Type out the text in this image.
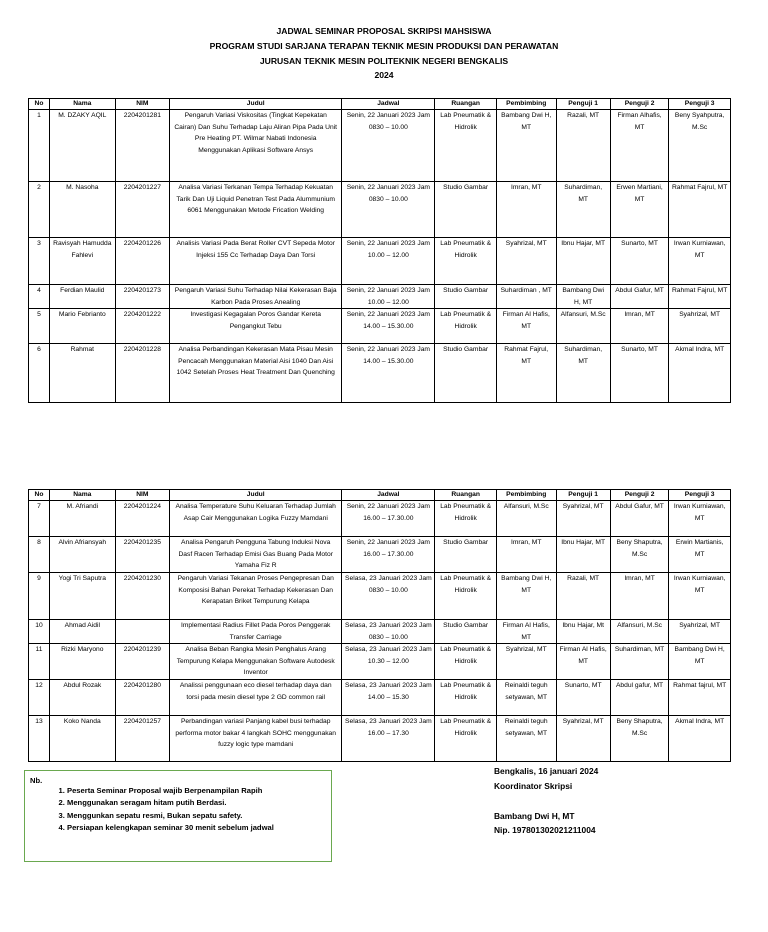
JADWAL SEMINAR PROPOSAL SKRIPSI MAHSISWA
PROGRAM STUDI SARJANA TERAPAN TEKNIK MESIN PRODUKSI DAN PERAWATAN
JURUSAN TEKNIK MESIN POLITEKNIK NEGERI BENGKALIS
2024
No	Nama	NIM	Judul	Jadwal	Ruangan	Pembimbing	Penguji 1	Penguji 2	Penguji 3
1	M. DZAKY AQIL	2204201281	Pengaruh Variasi Viskositas (Tingkat Kepekatan Cairan) Dan Suhu Terhadap Laju Aliran Pipa Pada Unit Pre Heating PT. Wilmar Nabati Indonesia Menggunakan Aplikasi Software Ansys	Senin, 22 Januari 2023 Jam 0830 – 10.00	Lab Pneumatik & Hidrolik	Bambang Dwi H, MT	Razali, MT	Firman Alhafis, MT	Beny Syahputra, M.Sc
2	M. Nasoha	2204201227	Analisa Variasi Terkanan Tempa Terhadap Kekuatan Tarik Dan Uji Liquid Penetran Test Pada Alummunium 6061 Menggunakan Metode Frication Welding	Senin, 22 Januari 2023 Jam 0830 – 10.00	Studio Gambar	Imran, MT	Suhardiman, MT	Erwen Martiani, MT	Rahmat Fajrul, MT
3	Ravisyah Hamudda Fahlevi	2204201226	Analisis Variasi Pada Berat Roller CVT Sepeda Motor Injeksi 155 Cc Terhadap Daya Dan Torsi	Senin, 22 Januari 2023 Jam 10.00 – 12.00	Lab Pneumatik & Hidrolik	Syahrizal, MT	Ibnu Hajar, MT	Sunarto, MT	Irwan Kurniawan, MT
4	Ferdian Maulid	2204201273	Pengaruh Variasi Suhu Terhadap Nilai Kekerasan Baja Karbon Pada Proses Anealing	Senin, 22 Januari 2023 Jam 10.00 – 12.00	Studio Gambar	Suhardiman , MT	Bambang Dwi H, MT	Abdul Gafur, MT	Rahmat Fajrul, MT
5	Mario Febrianto	2204201222	Investigasi Kegagalan Poros Gandar Kereta Pengangkut Tebu	Senin, 22 Januari 2023 Jam 14.00 – 15.30.00	Lab Pneumatik & Hidrolik	Firman Al Hafis, MT	Alfansuri, M.Sc	Imran, MT	Syahrizal, MT
6	Rahmat	2204201228	Analisa Perbandingan Kekerasan Mata Pisau Mesin Pencacah Menggunakan Material Aisi 1040 Dan Aisi 1042 Setelah Proses Heat Treatment Dan Quenching	Senin, 22 Januari 2023 Jam 14.00 – 15.30.00	Studio Gambar	Rahmat Fajrul, MT	Suhardiman, MT	Sunarto, MT	Akmal Indra, MT
No	Nama	NIM	Judul	Jadwal	Ruangan	Pembimbing	Penguji 1	Penguji 2	Penguji 3
7	M. Afriandi	2204201224	Analisa Temperature Suhu Keluaran Terhadap Jumlah Asap Cair Menggunakan Logika Fuzzy Mamdani	Senin, 22 Januari 2023 Jam 16.00 – 17.30.00	Lab Pneumatik & Hidrolik	Alfansuri, M.Sc	Syahrizal, MT	Abdul Gafur, MT	Irwan Kurniawan, MT
8	Alvin Afriansyah	2204201235	Analisa Pengaruh Pengguna Tabung Induksi Nova Dasf Racen Terhadap Emisi Gas Buang Pada Motor Yamaha Fiz R	Senin, 22 Januari 2023 Jam 16.00 – 17.30.00	Studio Gambar	Imran, MT	Ibnu Hajar, MT	Beny Shaputra, M.Sc	Erwin Martianis, MT
9	Yogi Tri Saputra	2204201230	Pengaruh Variasi Tekanan Proses Pengepresan Dan Komposisi Bahan Perekat Terhadap Kekerasan Dan Kerapatan Briket Tempurung Kelapa	Selasa, 23 Januari 2023 Jam 0830 – 10.00	Lab Pneumatik & Hidrolik	Bambang Dwi H, MT	Razali, MT	Imran, MT	Irwan Kurniawan, MT
10	Ahmad Aidil		Implementasi Radius Fillet Pada Poros Penggerak Transfer Carriage	Selasa, 23 Januari 2023 Jam 0830 – 10.00	Studio Gambar	Firman Al Hafis, MT	Ibnu Hajar, Mt	Alfansuri, M.Sc	Syahrizal, MT
11	Rizki Maryono	2204201239	Analisa Beban Rangka Mesin Penghalus Arang Tempurung Kelapa Menggunakan Software Autodesk Inventor	Selasa, 23 Januari 2023 Jam 10.30 – 12.00	Lab Pneumatik & Hidrolik	Syahrizal, MT	Firman Al Hafis, MT	Suhardiman, MT	Bambang Dwi H, MT
12	Abdul Rozak	2204201280	Analissi penggunaan eco diesel terhadap daya dan torsi pada mesin diesel type 2 GD common rail	Selasa, 23 Januari 2023 Jam 14.00 – 15.30	Lab Pneumatik & Hidrolik	Reinaldi teguh setyawan, MT	Sunarto, MT	Abdul gafur, MT	Rahmat fajrul, MT
13	Koko Nanda	2204201257	Perbandingan variasi Panjang kabel busi terhadap performa motor bakar 4 langkah SOHC menggunakan fuzzy logic type mamdani	Selasa, 23 Januari 2023 Jam 16.00 – 17.30	Lab Pneumatik & Hidrolik	Reinaldi teguh setyawan, MT	Syahrizal, MT	Beny Shaputra, M.Sc	Akmal Indra, MT
Nb.
1. Peserta Seminar Proposal wajib Berpenampilan Rapih
2. Menggunakan seragam hitam putih Berdasi.
3. Menggunkan sepatu resmi, Bukan sepatu safety.
4. Persiapan kelengkapan seminar 30 menit sebelum jadwal
Bengkalis, 16 januari 2024
Koordinator Skripsi
Bambang Dwi H, MT
Nip. 197801302021211004
